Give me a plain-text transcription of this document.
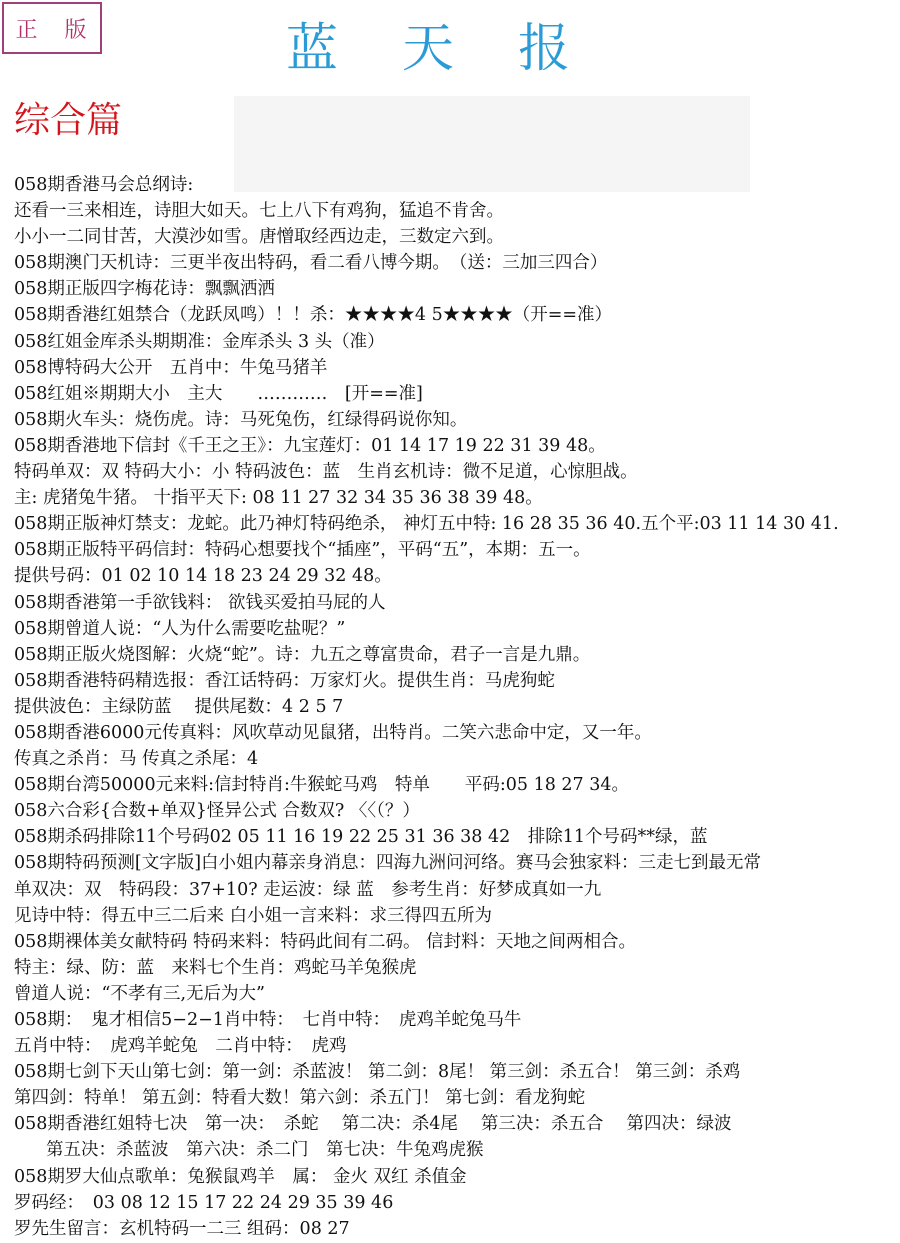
正 版	蓝天报
综合篇
058期香港马会总纲诗:
还看一三来相连，诗胆大如天。七上八下有鸡狗，猛追不肯舍。
小小一二同甘苦，大漠沙如雪。唐憎取经西边走，三数定六到。
058期澳门天机诗：三更半夜出特码，看二看八博今期。　（送：三加三四合）
058期正版四字梅花诗：飘飘洒洒
058期香港红姐禁合（龙跃凤鸣）！！杀：★★★★4 5★★★★（开==准）
058红姐金库杀头期期准：金库杀头 3 头（准）
058博特码大公开　五肖中：牛兔马猪羊
058红姐※期期大小　主大　　…………　[开==准]
058期火车头：烧伤虎。诗：马死兔伤，红绿得码说你知。
058期香港地下信封《千王之王》：九宝莲灯：01 14 17 19 22 31 39 48。
特码单双：双 特码大小：小 特码波色：蓝　生肖玄机诗：微不足道，心惊胆战。
主: 虎猪兔牛猪。 十指平天下: 08 11 27 32 34 35 36 38 39 48。
058期正版神灯禁支：龙蛇。此乃神灯特码绝杀， 神灯五中特: 16 28 35 36 40.五个平:03 11 14 30 41.
058期正版特平码信封：特码心想要找个“插座”，平码“五”，本期：五一。
提供号码：01 02 10 14 18 23 24 29 32 48。
058期香港第一手欲钱料： 欲钱买爱拍马屁的人
058期曾道人说：“人为什么需要吃盐呢？”
058期正版火烧图解：火烧“蛇”。诗：九五之尊富贵命，君子一言是九鼎。
058期香港特码精选报：香江话特码：万家灯火。提供生肖：马虎狗蛇
提供波色：主绿防蓝　 提供尾数：4 2 5 7
058期香港6000元传真料：风吹草动见鼠猪，出特肖。二笑六悲命中定，又一年。
传真之杀肖：马 传真之杀尾：4
058期台湾50000元来料:信封特肖:牛猴蛇马鸡　特单　　平码:05 18 27 34。
058六合彩{合数+单双}怪异公式 合数双? 〈〈（？）
058期杀码排除11个号码02 05 11 16 19 22 25 31 36 38 42　排除11个号码**绿，蓝
058期特码预测[文字版]白小姐内幕亲身消息：四海九洲问河络。赛马会独家料：三走七到最无常
单双决：双　特码段：37+10? 走运波：绿 蓝　参考生肖：好梦成真如一九
见诗中特：得五中三二后来 白小姐一言来料：求三得四五所为
058期裸体美女献特码 特码来料：特码此间有二码。 信封料：天地之间两相合。
特主：绿、防：蓝　来料七个生肖：鸡蛇马羊兔猴虎
曾道人说：“不孝有三,无后为大”
058期：　鬼才相信5−2−1肖中特：　七肖中特：　虎鸡羊蛇兔马牛
五肖中特：　虎鸡羊蛇兔　二肖中特：　虎鸡
058期七剑下天山第七剑：第一剑：杀蓝波！ 第二剑：8尾！ 第三剑：杀五合！ 第三剑：杀鸡
第四剑：特单！ 第五剑：特看大数！第六剑：杀五门！ 第七剑：看龙狗蛇
058期香港红姐特七决　第一决：　杀蛇　 第二决：杀4尾　 第三决：杀五合　 第四决：绿波
第五决：杀蓝波　第六决：杀二门　第七决：牛兔鸡虎猴
058期罗大仙点歌单：兔猴鼠鸡羊　属： 金火 双红 杀值金
罗码经：　03 08 12 15 17 22 24 29 35 39 46
罗先生留言：玄机特码一二三 组码：08 27
